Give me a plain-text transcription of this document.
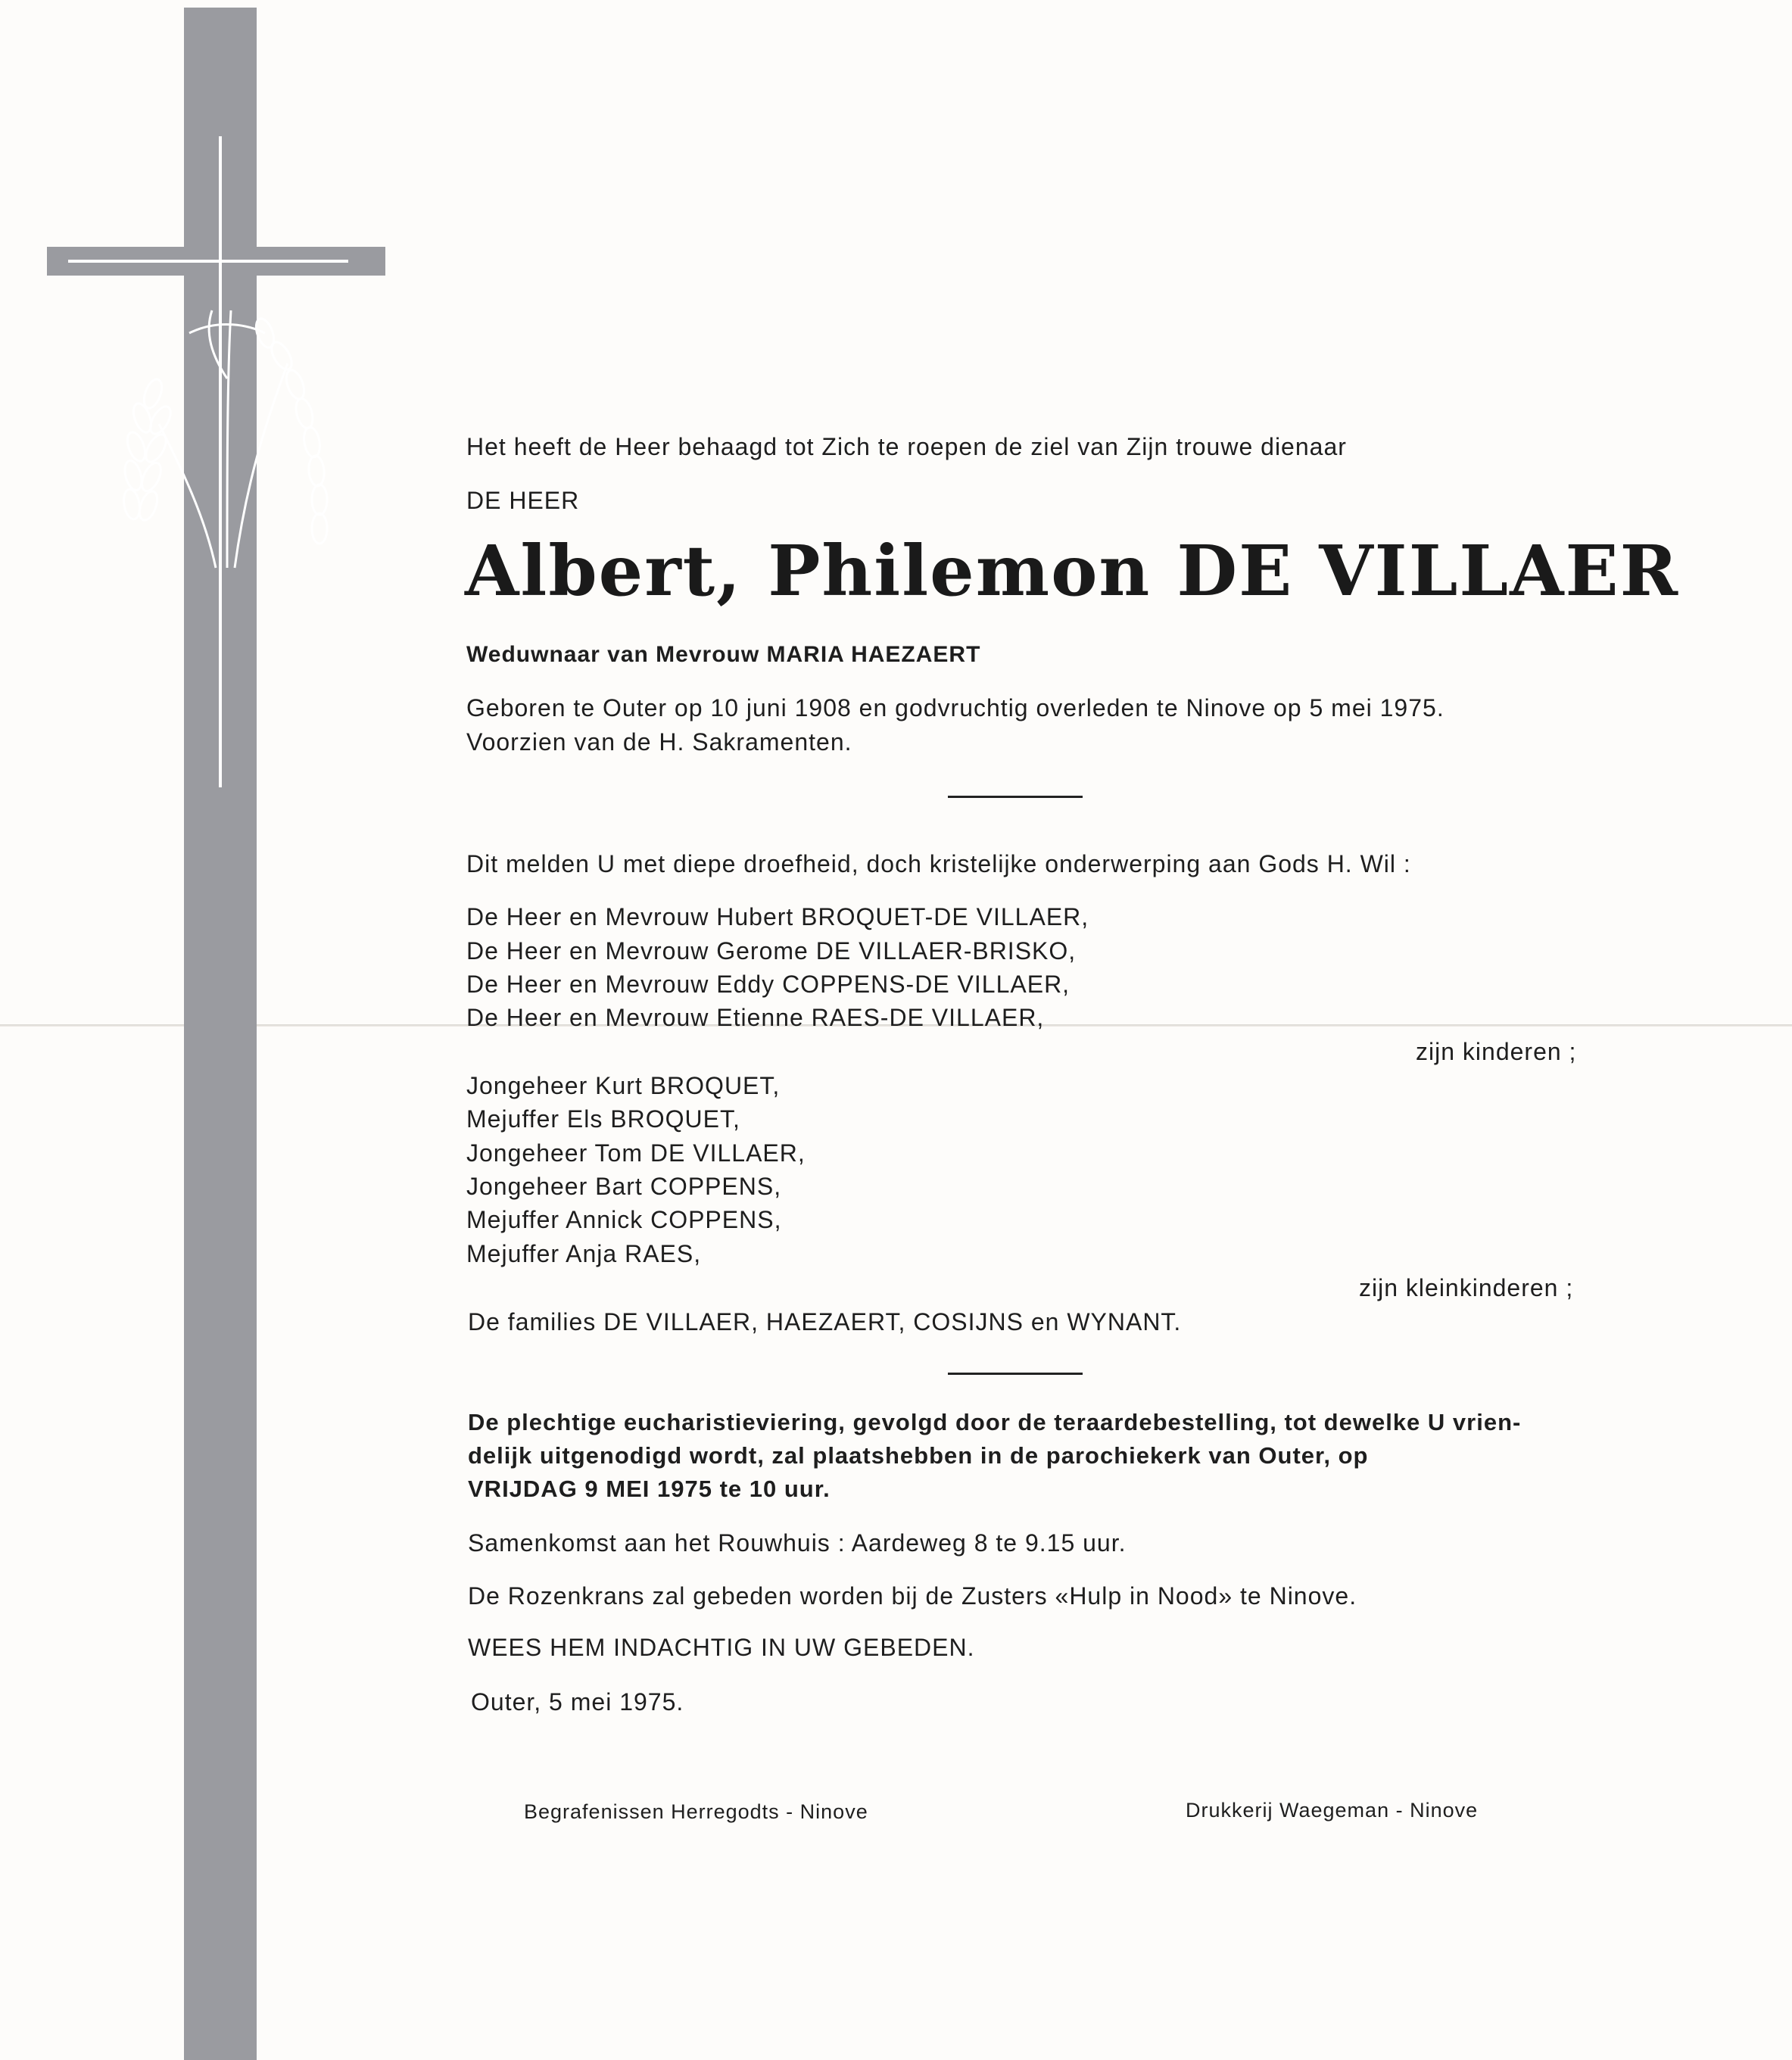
Het heeft de Heer behaagd tot Zich te roepen de ziel van Zijn trouwe dienaar
DE HEER
Albert, Philemon DE VILLAER
Weduwnaar van Mevrouw MARIA HAEZAERT
Geboren te Outer op 10 juni 1908 en godvruchtig overleden te Ninove op 5 mei 1975.
Voorzien van de H. Sakramenten.
Dit melden U met diepe droefheid, doch kristelijke onderwerping aan Gods H. Wil :
De Heer en Mevrouw Hubert BROQUET-DE VILLAER,
De Heer en Mevrouw Gerome DE VILLAER-BRISKO,
De Heer en Mevrouw Eddy COPPENS-DE VILLAER,
De Heer en Mevrouw Etienne RAES-DE VILLAER,
zijn kinderen ;
Jongeheer Kurt BROQUET,
Mejuffer Els BROQUET,
Jongeheer Tom DE VILLAER,
Jongeheer Bart COPPENS,
Mejuffer Annick COPPENS,
Mejuffer Anja RAES,
zijn kleinkinderen ;
De families DE VILLAER, HAEZAERT, COSIJNS en WYNANT.
De plechtige eucharistieviering, gevolgd door de teraardebestelling, tot dewelke U vrien-
delijk uitgenodigd wordt, zal plaatshebben in de parochiekerk van Outer, op
VRIJDAG 9 MEI 1975 te 10 uur.
Samenkomst aan het Rouwhuis : Aardeweg 8 te 9.15 uur.
De Rozenkrans zal gebeden worden bij de Zusters «Hulp in Nood» te Ninove.
WEES HEM INDACHTIG IN UW GEBEDEN.
Outer, 5 mei 1975.
Begrafenissen Herregodts - Ninove	Drukkerij Waegeman - Ninove
